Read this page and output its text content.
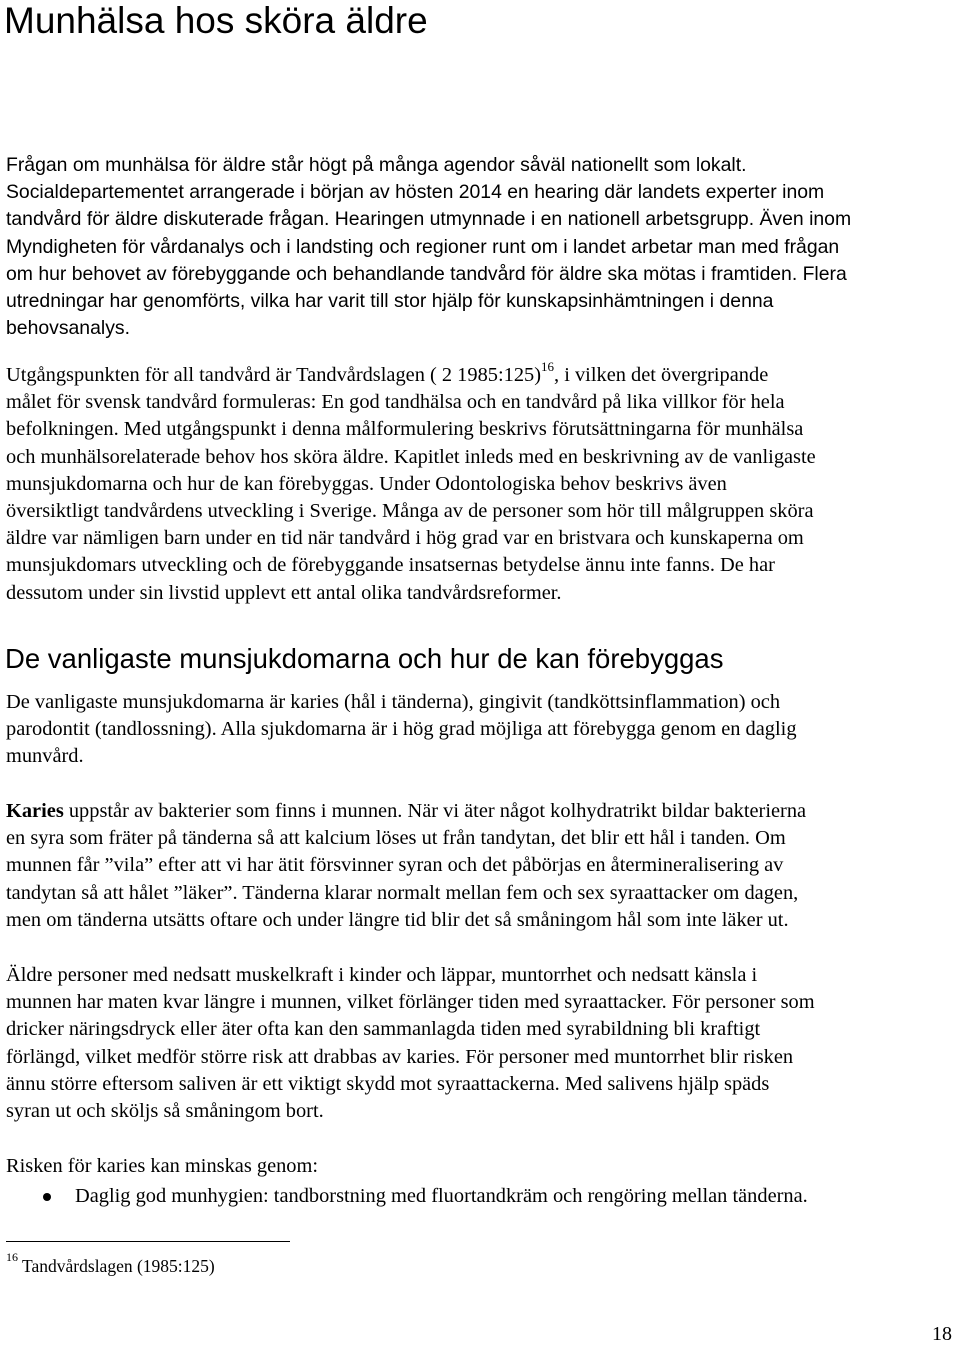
Munhälsa hos sköra äldre
Frågan om munhälsa för äldre står högt på många agendor såväl nationellt som lokalt.
Socialdepartementet arrangerade i början av hösten 2014 en hearing där landets experter inom
tandvård för äldre diskuterade frågan. Hearingen utmynnade i en nationell arbetsgrupp. Även inom
Myndigheten för vårdanalys och i landsting och regioner runt om i landet arbetar man med frågan
om hur behovet av förebyggande och behandlande tandvård för äldre ska mötas i framtiden. Flera
utredningar har genomförts, vilka har varit till stor hjälp för kunskapsinhämtningen i denna
behovsanalys.
Utgångspunkten för all tandvård är Tandvårdslagen ( 2 1985:125)$^{16}$, i vilken det övergripande
målet för svensk tandvård formuleras: En god tandhälsa och en tandvård på lika villkor för hela
befolkningen. Med utgångspunkt i denna målformulering beskrivs förutsättningarna för munhälsa
och munhälsorelaterade behov hos sköra äldre. Kapitlet inleds med en beskrivning av de vanligaste
munsjukdomarna och hur de kan förebyggas. Under Odontologiska behov beskrivs även
översiktligt tandvårdens utveckling i Sverige. Många av de personer som hör till målgruppen sköra
äldre var nämligen barn under en tid när tandvård i hög grad var en bristvara och kunskaperna om
munsjukdomars utveckling och de förebyggande insatsernas betydelse ännu inte fanns. De har
dessutom under sin livstid upplevt ett antal olika tandvårdsreformer.
De vanligaste munsjukdomarna och hur de kan förebyggas
De vanligaste munsjukdomarna är karies (hål i tänderna), gingivit (tandköttsinflammation) och
parodontit (tandlossning). Alla sjukdomarna är i hög grad möjliga att förebygga genom en daglig
munvård.
Karies uppstår av bakterier som finns i munnen. När vi äter något kolhydratrikt bildar bakterierna
en syra som fräter på tänderna så att kalcium löses ut från tandytan, det blir ett hål i tanden. Om
munnen får ”vila” efter att vi har ätit försvinner syran och det påbörjas en återmineralisering av
tandytan så att hålet ”läker”. Tänderna klarar normalt mellan fem och sex syraattacker om dagen,
men om tänderna utsätts oftare och under längre tid blir det så småningom hål som inte läker ut.
Äldre personer med nedsatt muskelkraft i kinder och läppar, muntorrhet och nedsatt känsla i
munnen har maten kvar längre i munnen, vilket förlänger tiden med syraattacker. För personer som
dricker näringsdryck eller äter ofta kan den sammanlagda tiden med syrabildning bli kraftigt
förlängd, vilket medför större risk att drabbas av karies. För personer med muntorrhet blir risken
ännu större eftersom saliven är ett viktigt skydd mot syraattackerna. Med salivens hjälp späds
syran ut och sköljs så småningom bort.
Risken för karies kan minskas genom:
Daglig god munhygien: tandborstning med fluortandkräm och rengöring mellan tänderna.
$^{16}$ Tandvårdslagen (1985:125)
18
